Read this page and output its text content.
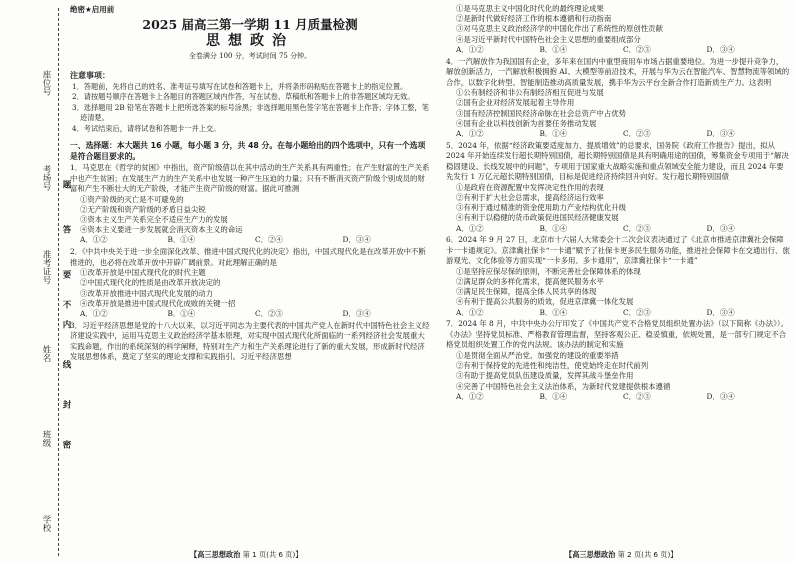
座位号
考场号
准考证号
姓名
班级
学校
题
答
要
不
内
线
封
密
绝密★启用前
2025 届高三第一学期 11 月质量检测
思想政治
全卷满分 100 分，考试时间 75 分钟。
注意事项：
1．答题前，先将自己的姓名、准考证号填写在试卷和答题卡上，并将条形码粘贴在答题卡上的指定位置。
2．请按题号顺序在答题卡上各题目的答题区域内作答，写在试卷、草稿纸和答题卡上的非答题区域均无效。
3．选择题用 2B 铅笔在答题卡上把所选答案的标号涂黑；非选择题用黑色签字笔在答题卡上作答；字体工整，笔迹清楚。
4．考试结束后，请将试卷和答题卡一并上交。
一、选择题：本大题共 16 小题，每小题 3 分，共 48 分。在每小题给出的四个选项中，只有一个选项是符合题目要求的。
1．马克思在《哲学的贫困》中指出，资产阶级借以在其中活动的生产关系具有两重性；在产生财富的生产关系中也产生贫困；在发展生产力的生产关系中也发展一种产生压迫的力量；只有不断消灭资产阶级个别成员的财富和产生不断壮大的无产阶级，才能产生资产阶级的财富。据此可推测
①资产阶级的灭亡是不可避免的
②无产阶级和资产阶级的矛盾日益尖锐
③资本主义生产关系完全不适应生产力的发展
④资本主义要进一步发展就会消灭资本主义的命运
A．①②	B．①④	C．②④	D．③④
2．《中共中央关于进一步全面深化改革、推进中国式现代化的决定》指出，中国式现代化是在改革开放中不断推进的，也必将在改革开放中开辟广阔前景。对此理解正确的是
①改革开放是中国式现代化的时代主题
②中国式现代化的性质是由改革开放决定的
③改革开放推进中国式现代化发展的动力
④改革开放是推进中国式现代化成败的关键一招
A．①②	B．①④	C．②③	D．③④
3．习近平经济思想是党的十八大以来，以习近平同志为主要代表的中国共产党人在新时代中国特色社会主义经济建设实践中，运用马克思主义政治经济学基本原理，对实现中国式现代化所面临的一系列经济社会发展重大实践命题，作出的系统深刻的科学阐释，特别对生产力和生产关系理论进行了新的重大发展，形成新时代经济发展思想体系，奠定了坚实的理论支撑和实践指引。习近平经济思想
①是马克思主义中国化时代化的最终理论成果
②是新时代做好经济工作的根本遵循和行动指南
③对马克思主义政治经济学的中国化作出了系统性的原创性贡献
④是习近平新时代中国特色社会主义思想的重要组成部分
A．①②	B．①④	C．②③	D．③④
4．一汽解放作为我国国有企业，多年来在国内中重型商用车市场占据重要地位。为进一步提升竞争力，解放创新活力，一汽解放积极拥抱 AI、大模型等前沿技术，开展与华为云在智能汽车、智慧物流等领域的合作，以数字化转型、智能制造推动高质量发展，携手华为云平台全新合作打造新质生产力。这表明
①公有制经济和非公有制经济相互促进与发展
②国有企业对经济发展起着主导作用
③国有经济控制国民经济命脉在社会总资产中占优势
④国有企业以科技创新为首要任务推动发展
A．①②	B．①④	C．②③	D．③④
5．2024 年，依据“经济政策要适度加力、提质增效”的总要求，国务院《政府工作报告》提出，拟从 2024 年开始连续发行超长期特别国债，超长期特别国债是具有明确用途的国债，筹集资金专项用于“解决稳固建设、长线发展中的问题”，专项用于国家重大战略实施和重点领域安全能力建设，而且 2024 年要先发行 1 万亿元超长期特别国债，目标是促进经济持续回升向好。发行超长期特别国债
①是政府在资源配置中发挥决定性作用的表现
②有利于扩大社会总需求，提高经济运行效率
③有利于通过精准的资金使用助力产业结构优化升级
④有利于以稳健的货币政策促进国民经济健康发展
A．①②	B．①④	C．②③	D．③④
6．2024 年 9 月 27 日，北京市十六届人大常委会十二次会议表决通过了《北京市推进京津冀社会保障卡一卡通规定》。京津冀社保卡“一卡通”赋予了社保卡更多民生服务功能，推进社会保障卡在交通出行、旅游观光、文化体验等方面实现“一卡多用、多卡通用”，京津冀社保卡“一卡通”
①是坚持应保尽保的原则，不断完善社会保障体系的体现
②满足群众的多样化需求，提高便民服务水平
③满足民生保障，提高全体人民共享的体现
④有利于提高公共服务的质效，促进京津冀一体化发展
A．①②	B．①④	C．②③	D．③④
7．2024 年 8 月，中共中央办公厅印发了《中国共产党不合格党员组织处置办法》（以下简称《办法》）。《办法》坚持党员标准、严格教育管理监督，坚持客观公正、稳妥慎重，依规处置，是一部专门规定不合格党员组织处置工作的党内法规。该办法的制定和实施
①是贯彻全面从严治党、加强党的建设的重要举措
②有利于保持党的先进性和纯洁性，使党始终走在时代前列
③有助于提高党员队伍建设质量，发挥其战斗堡垒作用
④完善了中国特色社会主义法治体系，为新时代党建提供根本遵循
A．①②	B．①④	C．②③	D．③④
【高三思想政治 第 1 页(共 6 页)】	【高三思想政治 第 2 页(共 6 页)】
